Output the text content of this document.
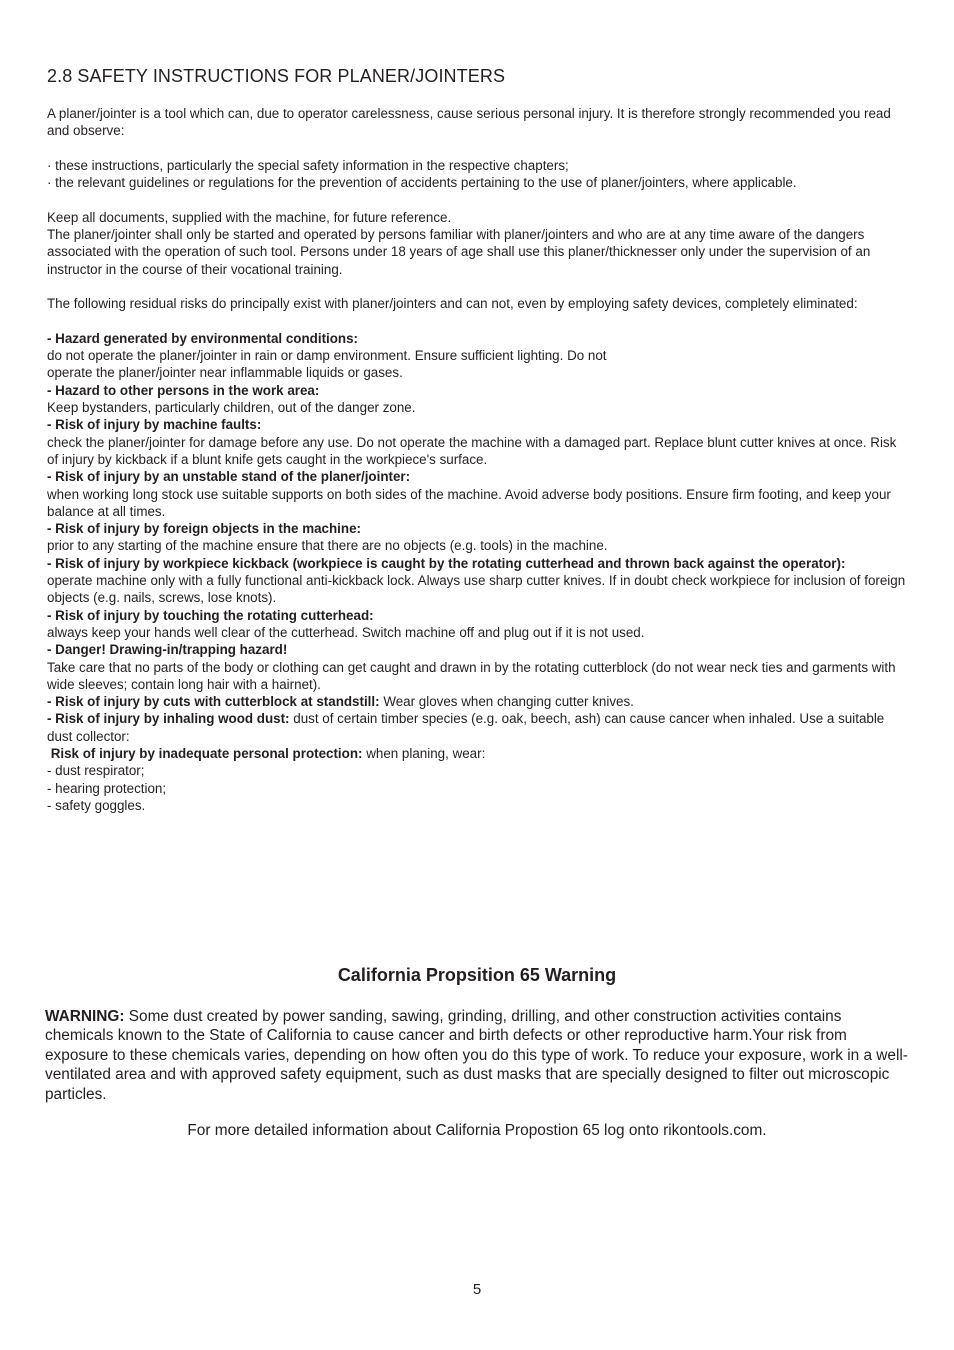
2.8 SAFETY INSTRUCTIONS FOR PLANER/JOINTERS

A planer/jointer is a tool which can, due to operator carelessness, cause serious personal injury. It is therefore strongly recommended you read and observe:

· these instructions, particularly the special safety information in the respective chapters;

· the relevant guidelines or regulations for the prevention of accidents pertaining to the use of planer/jointers, where applicable.

Keep all documents, supplied with the machine, for future reference.

The planer/jointer shall only be started and operated by persons familiar with planer/jointers and who are at any time aware of the dangers associated with the operation of such tool. Persons under 18 years of age shall use this planer/thicknesser only under the supervision of an instructor in the course of their vocational training.

The following residual risks do principally exist with planer/jointers and can not, even by employing safety devices, completely eliminated:

- Hazard generated by environmental conditions:

do not operate the planer/jointer in rain or damp environment. Ensure sufficient lighting. Do not

operate the planer/jointer near inflammable liquids or gases.

- Hazard to other persons in the work area:

Keep bystanders, particularly children, out of the danger zone.

- Risk of injury by machine faults:

check the planer/jointer for damage before any use. Do not operate the machine with a damaged part. Replace blunt cutter knives at once. Risk of injury by kickback if a blunt knife gets caught in the workpiece's surface.

- Risk of injury by an unstable stand of the planer/jointer:

when working long stock use suitable supports on both sides of the machine. Avoid adverse body positions. Ensure firm footing, and keep your balance at all times.

- Risk of injury by foreign objects in the machine:

prior to any starting of the machine ensure that there are no objects (e.g. tools) in the machine.

- Risk of injury by workpiece kickback (workpiece is caught by the rotating cutterhead and thrown back against the operator):

operate machine only with a fully functional anti-kickback lock. Always use sharp cutter knives. If in doubt check workpiece for inclusion of foreign objects (e.g. nails, screws, lose knots).

- Risk of injury by touching the rotating cutterhead:

always keep your hands well clear of the cutterhead. Switch machine off and plug out if it is not used.

- Danger! Drawing-in/trapping hazard!

Take care that no parts of the body or clothing can get caught and drawn in by the rotating cutterblock (do not wear neck ties and garments with wide sleeves; contain long hair with a hairnet).

- Risk of injury by cuts with cutterblock at standstill: Wear gloves when changing cutter knives.

- Risk of injury by inhaling wood dust: dust of certain timber species (e.g. oak, beech, ash) can cause cancer when inhaled. Use a suitable dust collector:

Risk of injury by inadequate personal protection: when planing, wear:

- dust respirator;

- hearing protection;

- safety goggles.

California Propsition 65 Warning

WARNING: Some dust created by power sanding, sawing, grinding, drilling, and other construction activities contains chemicals known to the State of California to cause cancer and birth defects or other reproductive harm.Your risk from exposure to these chemicals varies, depending on how often you do this type of work. To reduce your exposure, work in a well-ventilated area and with approved safety equipment, such as dust masks that are specially designed to filter out microscopic particles.

For more detailed information about California Propostion 65 log onto rikontools.com.

5
